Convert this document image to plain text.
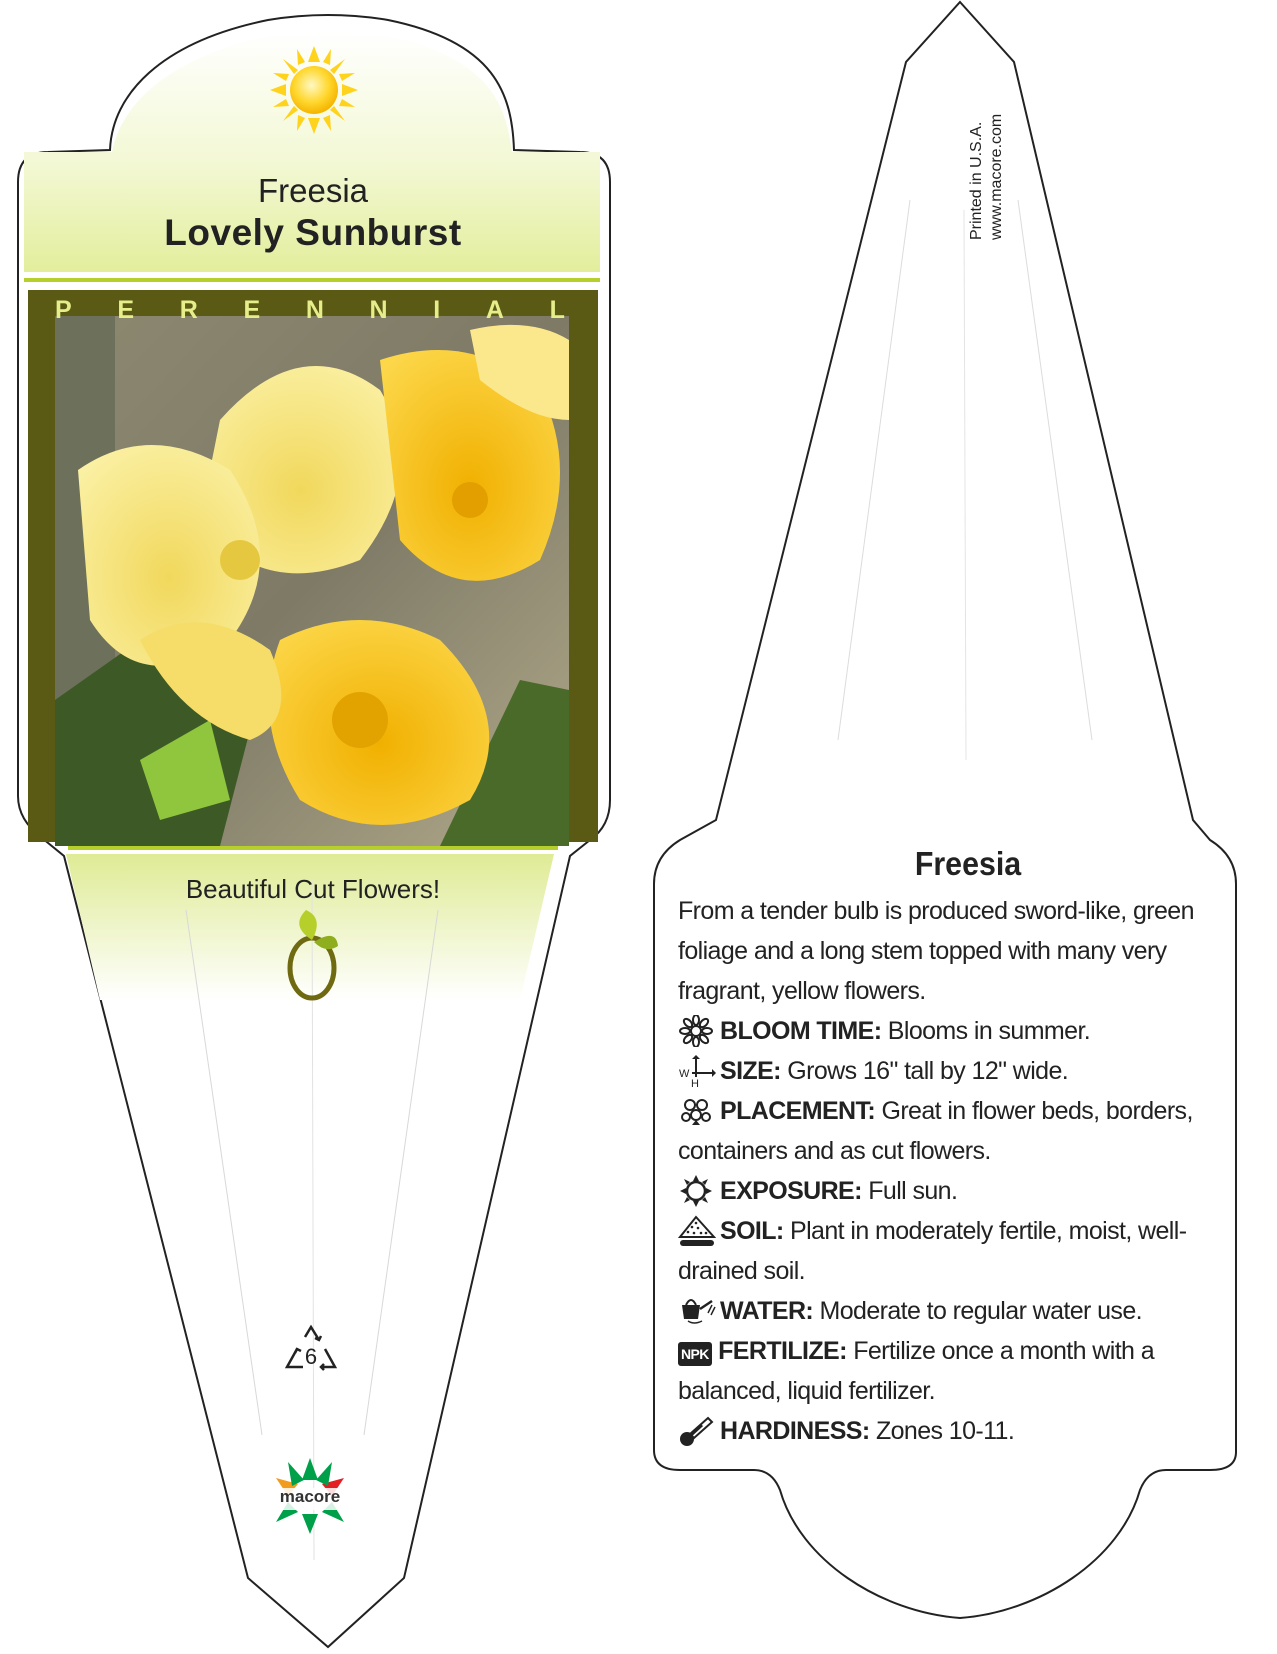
Freesia
Lovely Sunburst
P E R E N N I A L
Beautiful Cut Flowers!
6
macore
Printed in U.S.A. www.macore.com
Freesia

From a tender bulb is produced sword-like, green foliage and a long stem topped with many very fragrant, yellow flowers.

BLOOM TIME: Blooms in summer.
W
H SIZE: Grows 16" tall by 12" wide.
PLACEMENT: Great in flower beds, borders, containers and as cut flowers.
EXPOSURE: Full sun.
SOIL: Plant in moderately fertile, moist, well-drained soil.
WATER: Moderate to regular water use.
NPK FERTILIZE: Fertilize once a month with a balanced, liquid fertilizer.
HARDINESS: Zones 10-11.
